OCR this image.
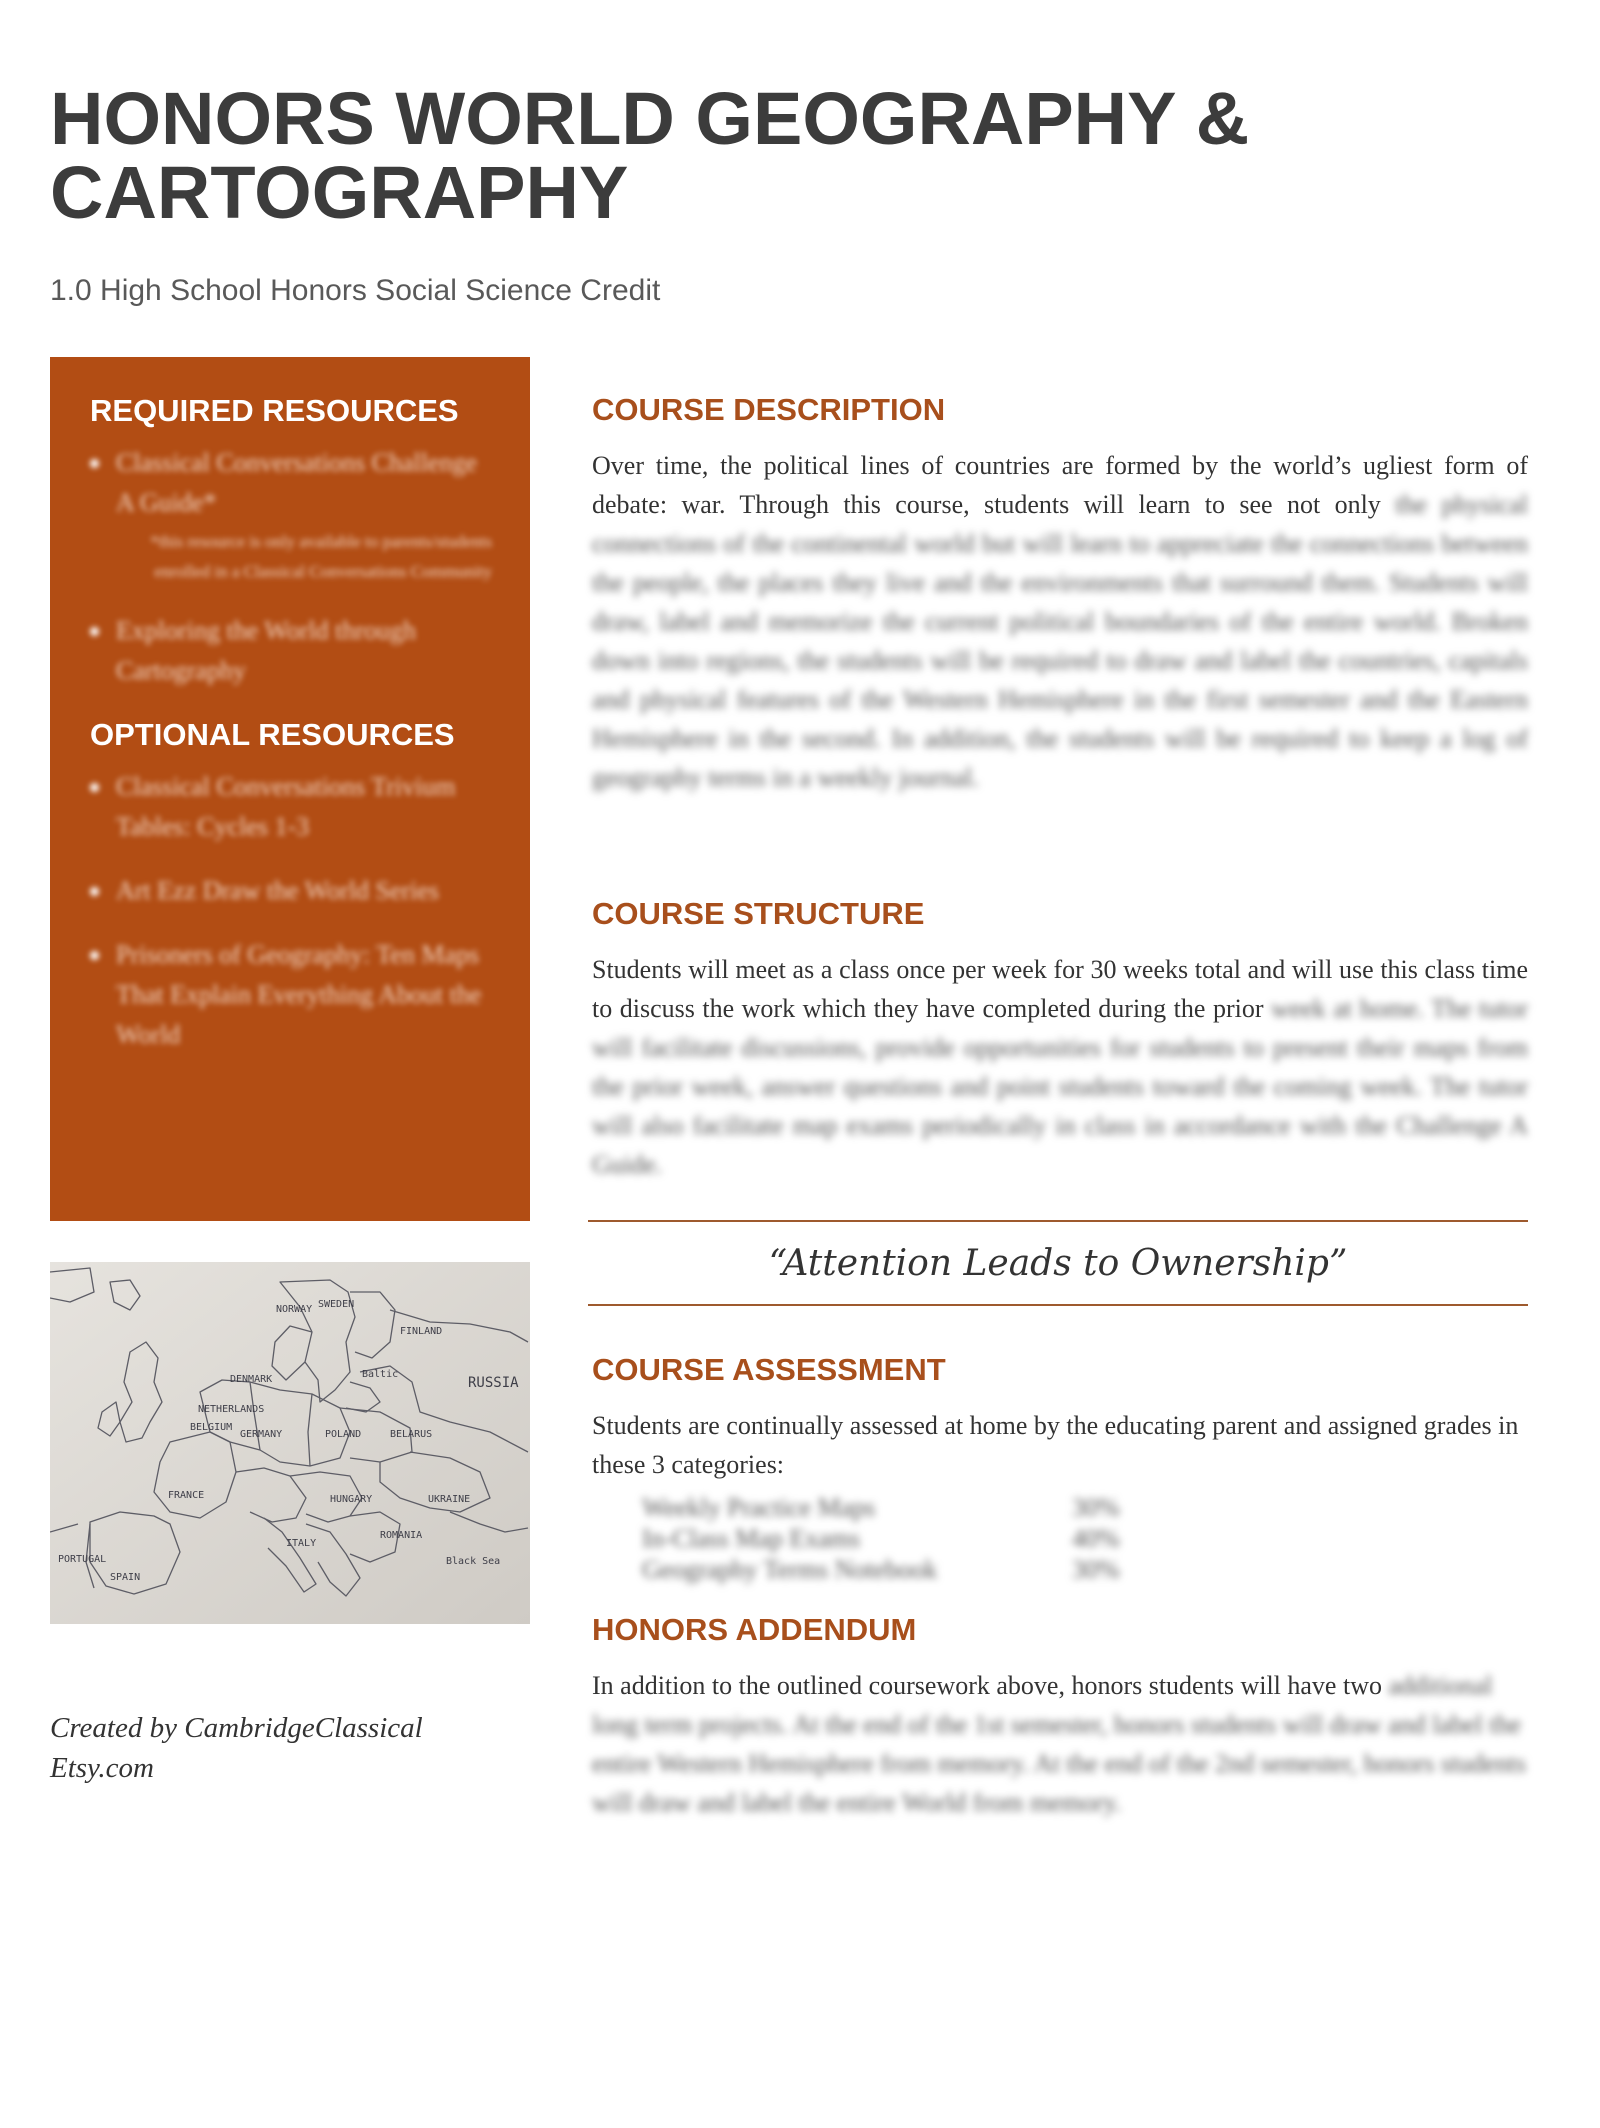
HONORS WORLD GEOGRAPHY & CARTOGRAPHY
1.0 High School Honors Social Science Credit
REQUIRED RESOURCES
Classical Conversations Challenge A Guide*
*this resource is only available to parents/students enrolled in a Classical Conversations Community
Exploring the World through Cartography
OPTIONAL RESOURCES
Classical Conversations Trivium Tables: Cycles 1-3
Art Ezz Draw the World Series
Prisoners of Geography: Ten Maps That Explain Everything About the World
NORWAY SWEDEN
FINLAND
RUSSIA
DENMARK
NETHERLANDS
BELGIUM
GERMANY	POLAND	BELARUS
FRANCE	UKRAINE
SPAIN
PORTUGAL
ROMANIA
HUNGARY
ITALY
Black Sea
Baltic
Created by CambridgeClassical
Etsy.com
COURSE DESCRIPTION

Over time, the political lines of countries are formed by the world’s ugliest form of debate: war. Through this course, students will learn to see not only the physical connections of the continental world but will learn to appreciate the connections between the people, the places they live and the environments that surround them. Students will draw, label and memorize the current political boundaries of the entire world. Broken down into regions, the students will be required to draw and label the countries, capitals and physical features of the Western Hemisphere in the first semester and the Eastern Hemisphere in the second. In addition, the students will be required to keep a log of geography terms in a weekly journal.

COURSE STRUCTURE

Students will meet as a class once per week for 30 weeks total and will use this class time to discuss the work which they have completed during the prior week at home. The tutor will facilitate discussions, provide opportunities for students to present their maps from the prior week, answer questions and point students toward the coming week. The tutor will also facilitate map exams periodically in class in accordance with the Challenge A Guide.

“Attention Leads to Ownership”
COURSE ASSESSMENT

Students are continually assessed at home by the educating parent and assigned grades in these 3 categories:

Weekly Practice Maps	30%
In-Class Map Exams	40%
Geography Terms Notebook	30%
HONORS ADDENDUM

In addition to the outlined coursework above, honors students will have two additional long term projects. At the end of the 1st semester, honors students will draw and label the entire Western Hemisphere from memory. At the end of the 2nd semester, honors students will draw and label the entire World from memory.
